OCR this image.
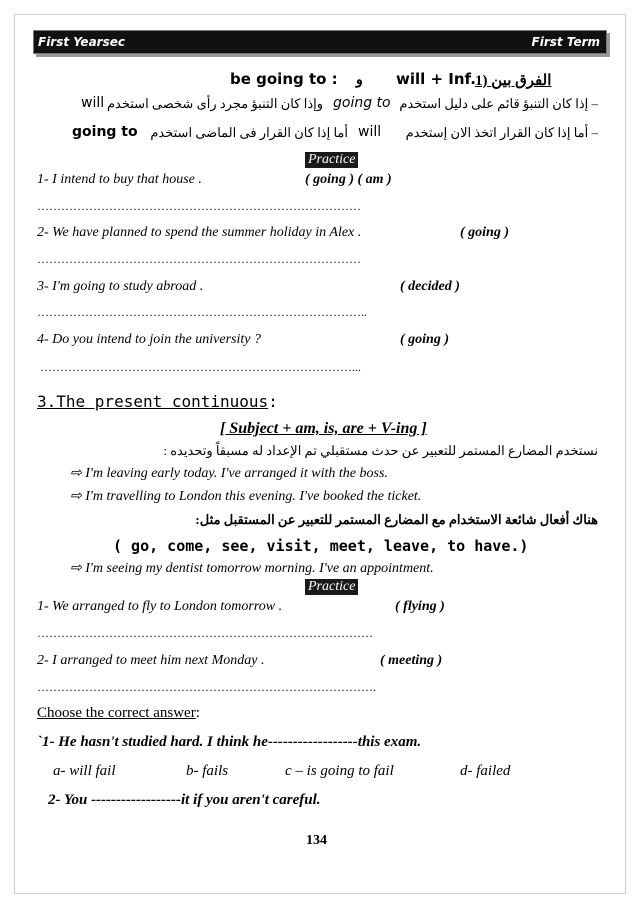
First Yearsec	First Term
1) الفرق بين
will + Inf.
و
be going to :
– إذا كان التنبؤ قائم على دليل استخدم
going to
وإذا كان التنبؤ مجرد رأى شخصى استخدم
will
– أما إذا كان القرار اتخذ الان إستخدم
will
أما إذا كان القرار فى الماضى استخدم
going to
Practice
1- I intend to buy that house .	( going ) ( am )
………………………………………………………………………
2- We have planned to spend the summer holiday in Alex .	( going )
………………………………………………………………………
3- I'm going to study abroad .	( decided )
………………………………………………………………………..
4- Do you intend to join the university ?	( going )
……………………………………………………………………...
3.The present continuous:
[ Subject + am, is, are + V-ing ]
نستخدم المضارع المستمر للتعبير عن حدث مستقبلي تم الإعداد له مسبقاً وتحديده :
⇨ I'm leaving early today. I've arranged it with the boss.
⇨ I'm travelling to London this evening. I've booked the ticket.
هناك أفعال شائعة الاستخدام مع المضارع المستمر للتعبير عن المستقبل مثل:
( go, come, see, visit, meet, leave, to have.)
⇨ I'm seeing my dentist tomorrow morning. I've an appointment.
Practice
1- We arranged to fly to London tomorrow .	( flying )
…………………………………………………………………………
2- I arranged to meet him next Monday .	( meeting )
………………………………………………………………………….
Choose the correct answer:
`1- He hasn't studied hard. I think he------------------this exam.
a- will fail	b- fails	c – is going to fail	d- failed
2- You ------------------it if you aren't careful.
134
